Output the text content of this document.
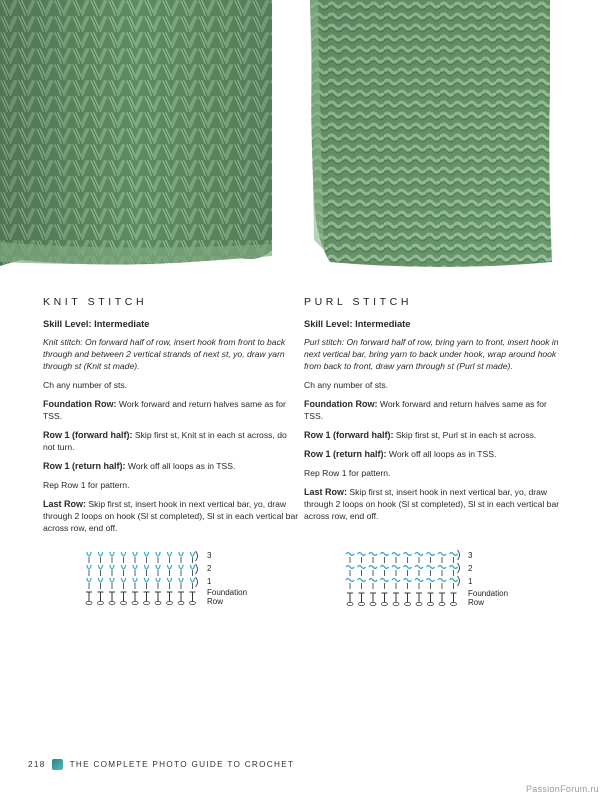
KNIT STITCH

Skill Level: Intermediate

Knit stitch: On forward half of row, insert hook from front to back through and between 2 vertical strands of next st, yo, draw yarn through st (Knit st made).

Ch any number of sts.

Foundation Row: Work forward and return halves same as for TSS.

Row 1 (forward half): Skip first st, Knit st in each st across, do not turn.

Row 1 (return half): Work off all loops as in TSS.

Rep Row 1 for pattern.

Last Row: Skip first st, insert hook in next vertical bar, yo, draw through 2 loops on hook (Sl st completed), Sl st in each vertical bar across row, end off.

PURL STITCH

Skill Level: Intermediate

Purl stitch: On forward half of row, bring yarn to front, insert hook in next vertical bar, bring yarn to back under hook, wrap around hook from back to front, draw yarn through st (Purl st made).

Ch any number of sts.

Foundation Row: Work forward and return halves same as for TSS.

Row 1 (forward half): Skip first st, Purl st in each st across.

Row 1 (return half): Work off all loops as in TSS.

Rep Row 1 for pattern.

Last Row: Skip first st, insert hook in next vertical bar, yo, draw through 2 loops on hook (Sl st completed), Sl st in each vertical bar across row, end off.

3
2
1
Foundation
Row
3
2
1
Foundation
Row
218	THE COMPLETE PHOTO GUIDE TO CROCHET
PassionForum.ru
